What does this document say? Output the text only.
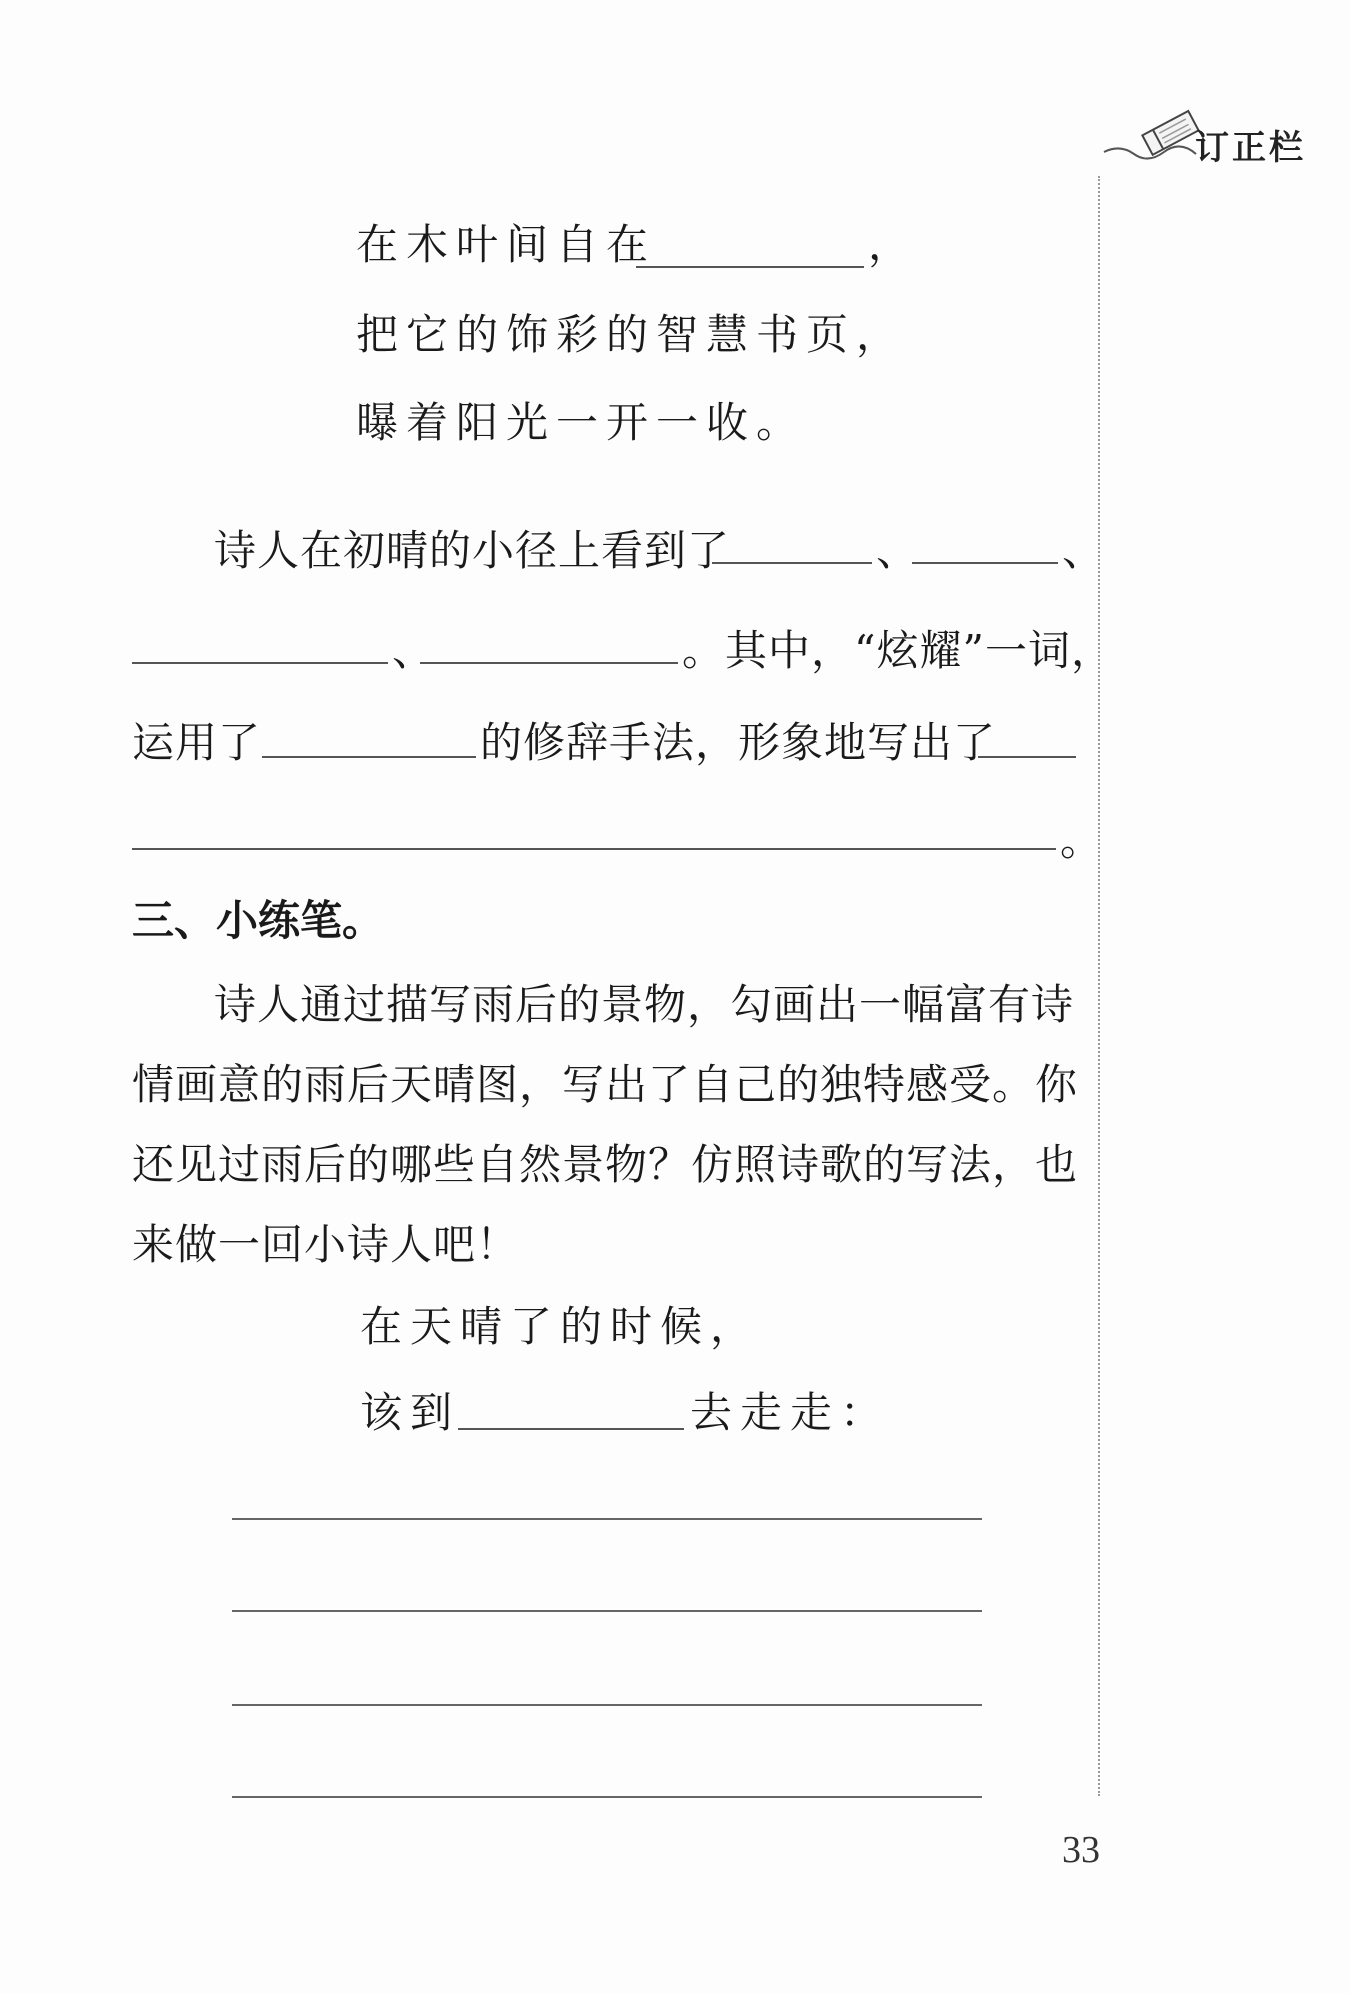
订正栏
在木叶间自在	，
把它的饰彩的智慧书页，
曝着阳光一开一收。
诗人在初晴的小径上看到了	、	、
、	。其中，“炫耀”一词，
运用了	的修辞手法，形象地写出了
。
三、小练笔。
诗人通过描写雨后的景物，勾画出一幅富有诗
情画意的雨后天晴图，写出了自己的独特感受。你
还见过雨后的哪些自然景物？仿照诗歌的写法，也
来做一回小诗人吧！
在天晴了的时候，
该到	去走走：
33
